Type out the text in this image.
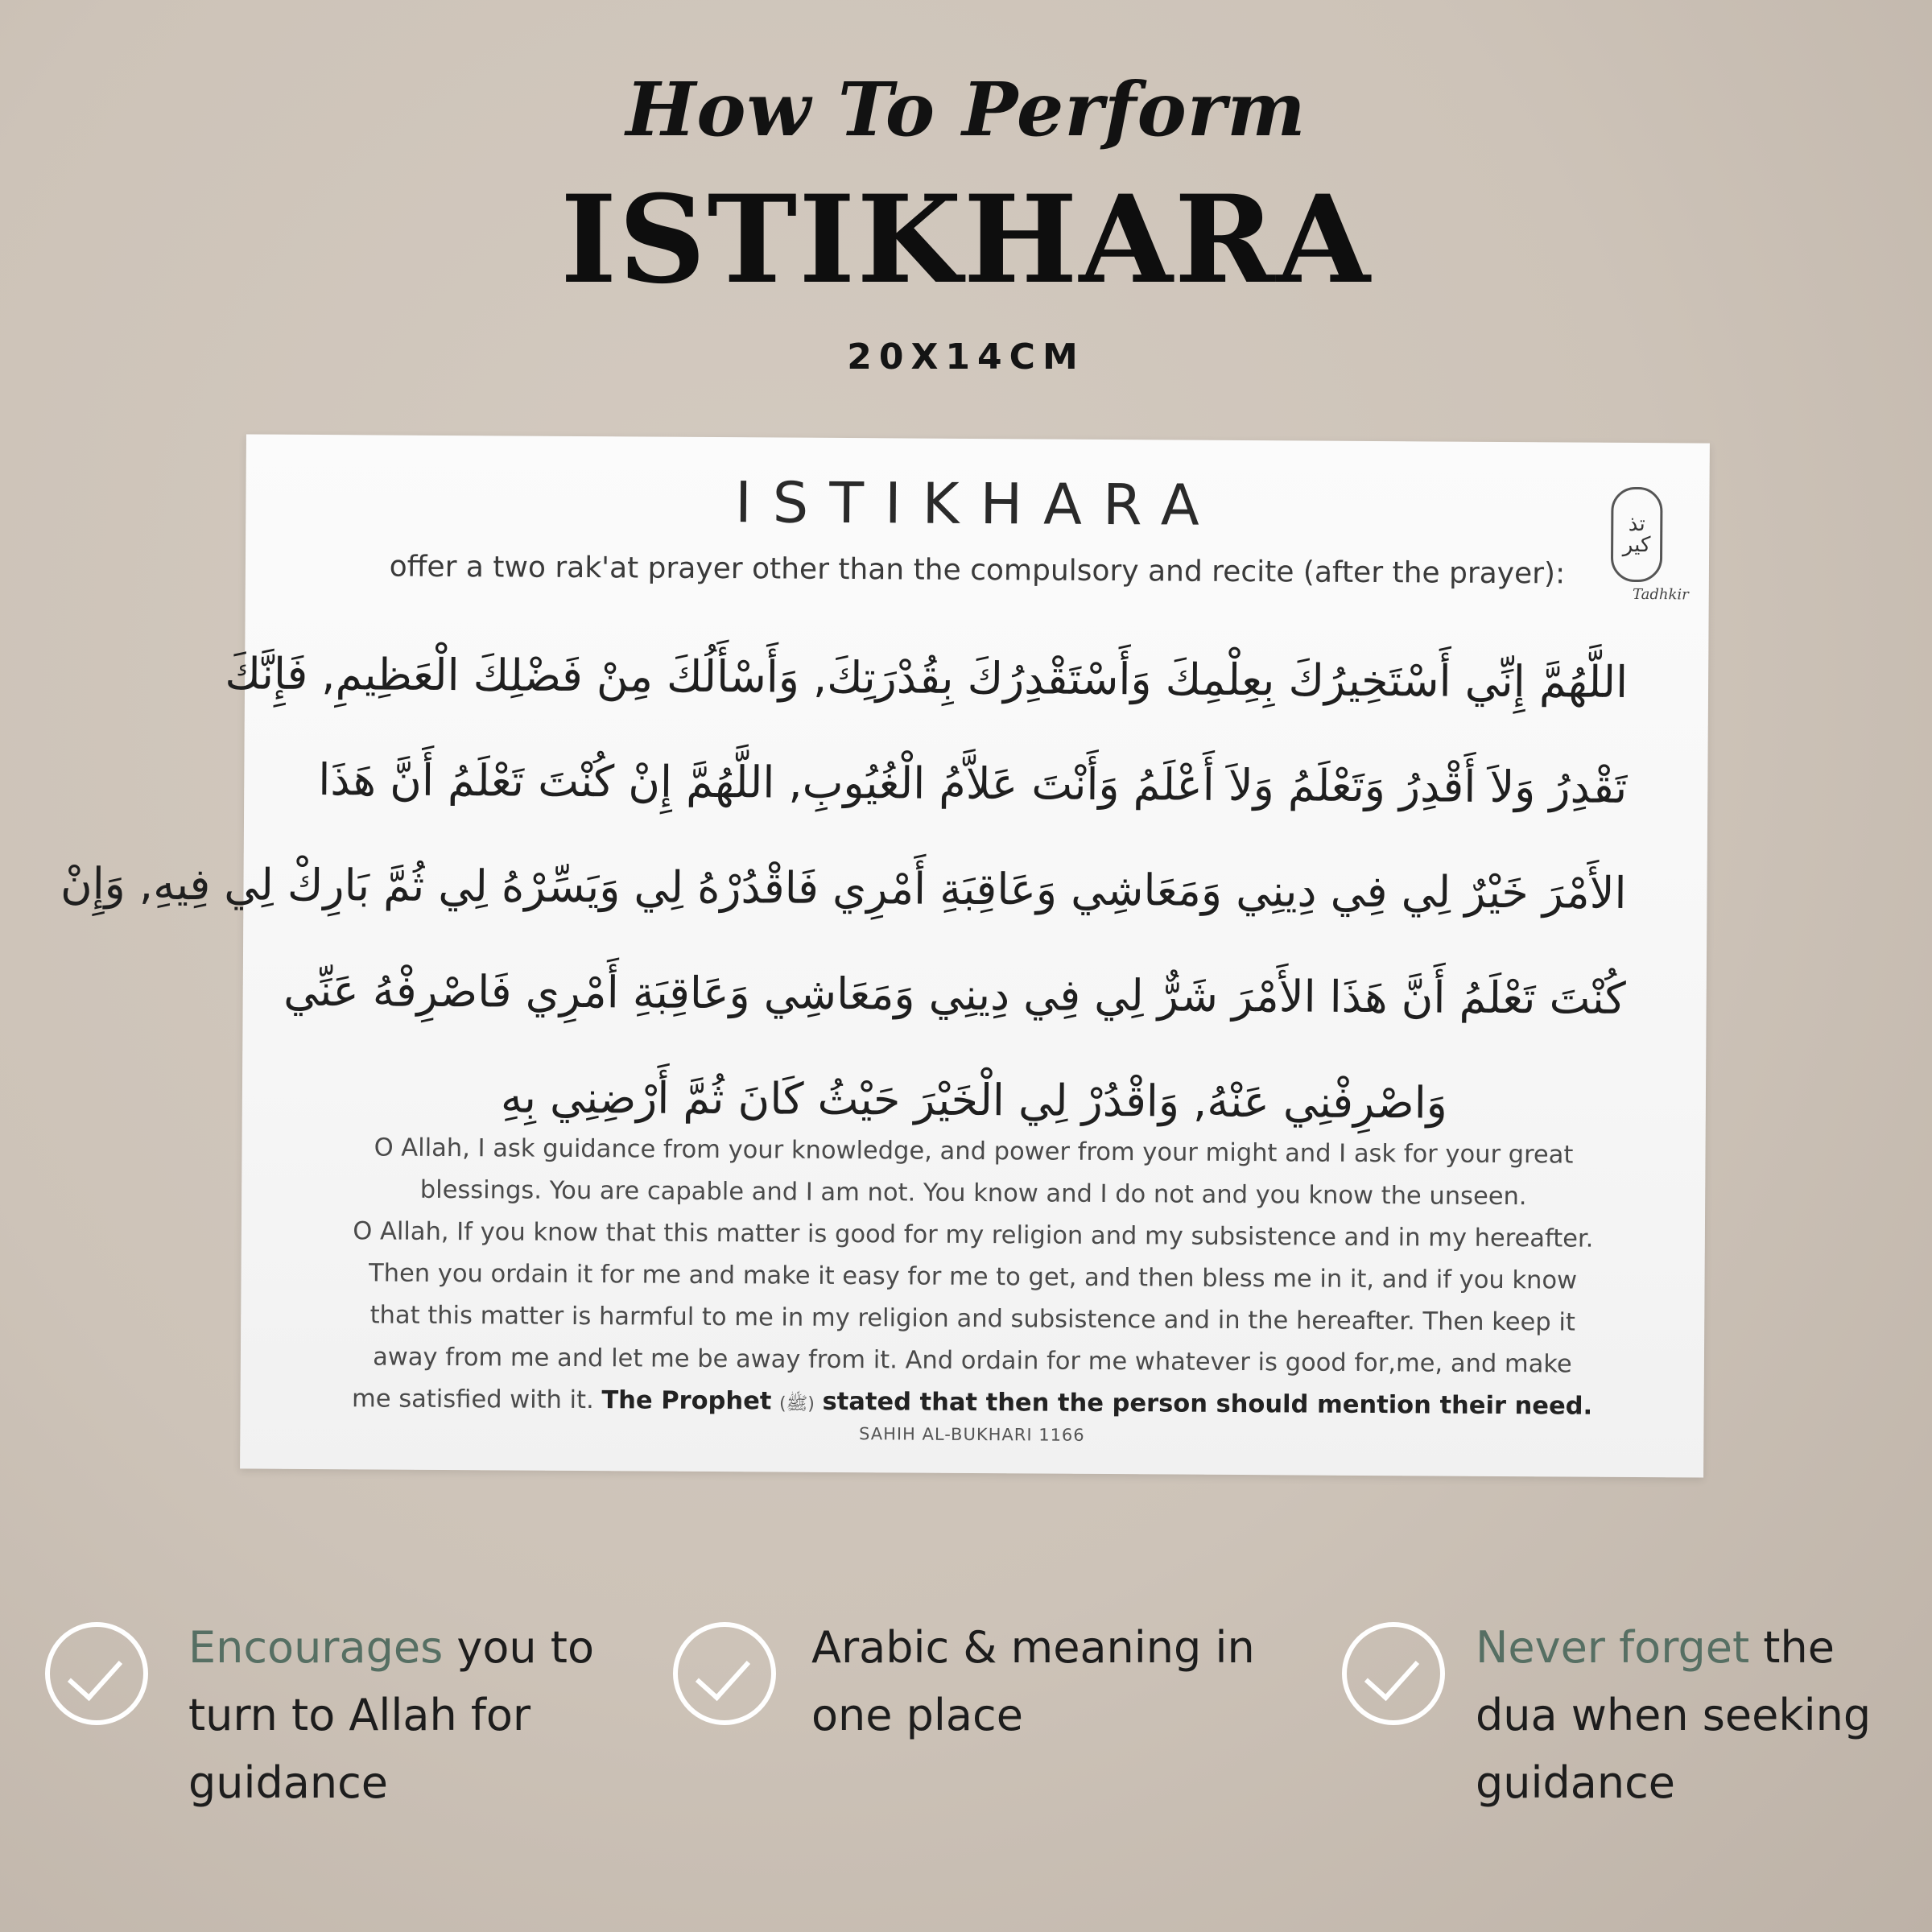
How To Perform
ISTIKHARA
20X14CM
ISTIKHARA
offer a two rak'at prayer other than the compulsory and recite (after the prayer):
تذ كير
Tadhkir
اللَّهُمَّ إِنِّي أَسْتَخِيرُكَ بِعِلْمِكَ وَأَسْتَقْدِرُكَ بِقُدْرَتِكَ, وَأَسْأَلُكَ مِنْ فَضْلِكَ الْعَظِيمِ, فَإِنَّكَ
تَقْدِرُ وَلاَ أَقْدِرُ وَتَعْلَمُ وَلاَ أَعْلَمُ وَأَنْتَ عَلاَّمُ الْغُيُوبِ, اللَّهُمَّ إِنْ كُنْتَ تَعْلَمُ أَنَّ هَذَا
الأَمْرَ خَيْرٌ لِي فِي دِينِي وَمَعَاشِي وَعَاقِبَةِ أَمْرِي فَاقْدُرْهُ لِي وَيَسِّرْهُ لِي ثُمَّ بَارِكْ لِي فِيهِ, وَإِنْ
كُنْتَ تَعْلَمُ أَنَّ هَذَا الأَمْرَ شَرٌّ لِي فِي دِينِي وَمَعَاشِي وَعَاقِبَةِ أَمْرِي فَاصْرِفْهُ عَنِّي
وَاصْرِفْنِي عَنْهُ, وَاقْدُرْ لِي الْخَيْرَ حَيْثُ كَانَ ثُمَّ أَرْضِنِي بِهِ
O Allah, I ask guidance from your knowledge, and power from your might and I ask for your great
blessings. You are capable and I am not. You know and I do not and you know the unseen.
O Allah, If you know that this matter is good for my religion and my subsistence and in my hereafter.
Then you ordain it for me and make it easy for me to get, and then bless me in it, and if you know
that this matter is harmful to me in my religion and subsistence and in the hereafter. Then keep it
away from me and let me be away from it. And ordain for me whatever is good for,me, and make
me satisfied with it. The Prophet (ﷺ) stated that then the person should mention their need.
SAHIH AL-BUKHARI 1166
Encourages you to
turn to Allah for
guidance
Arabic & meaning in
one place
Never forget the
dua when seeking
guidance
